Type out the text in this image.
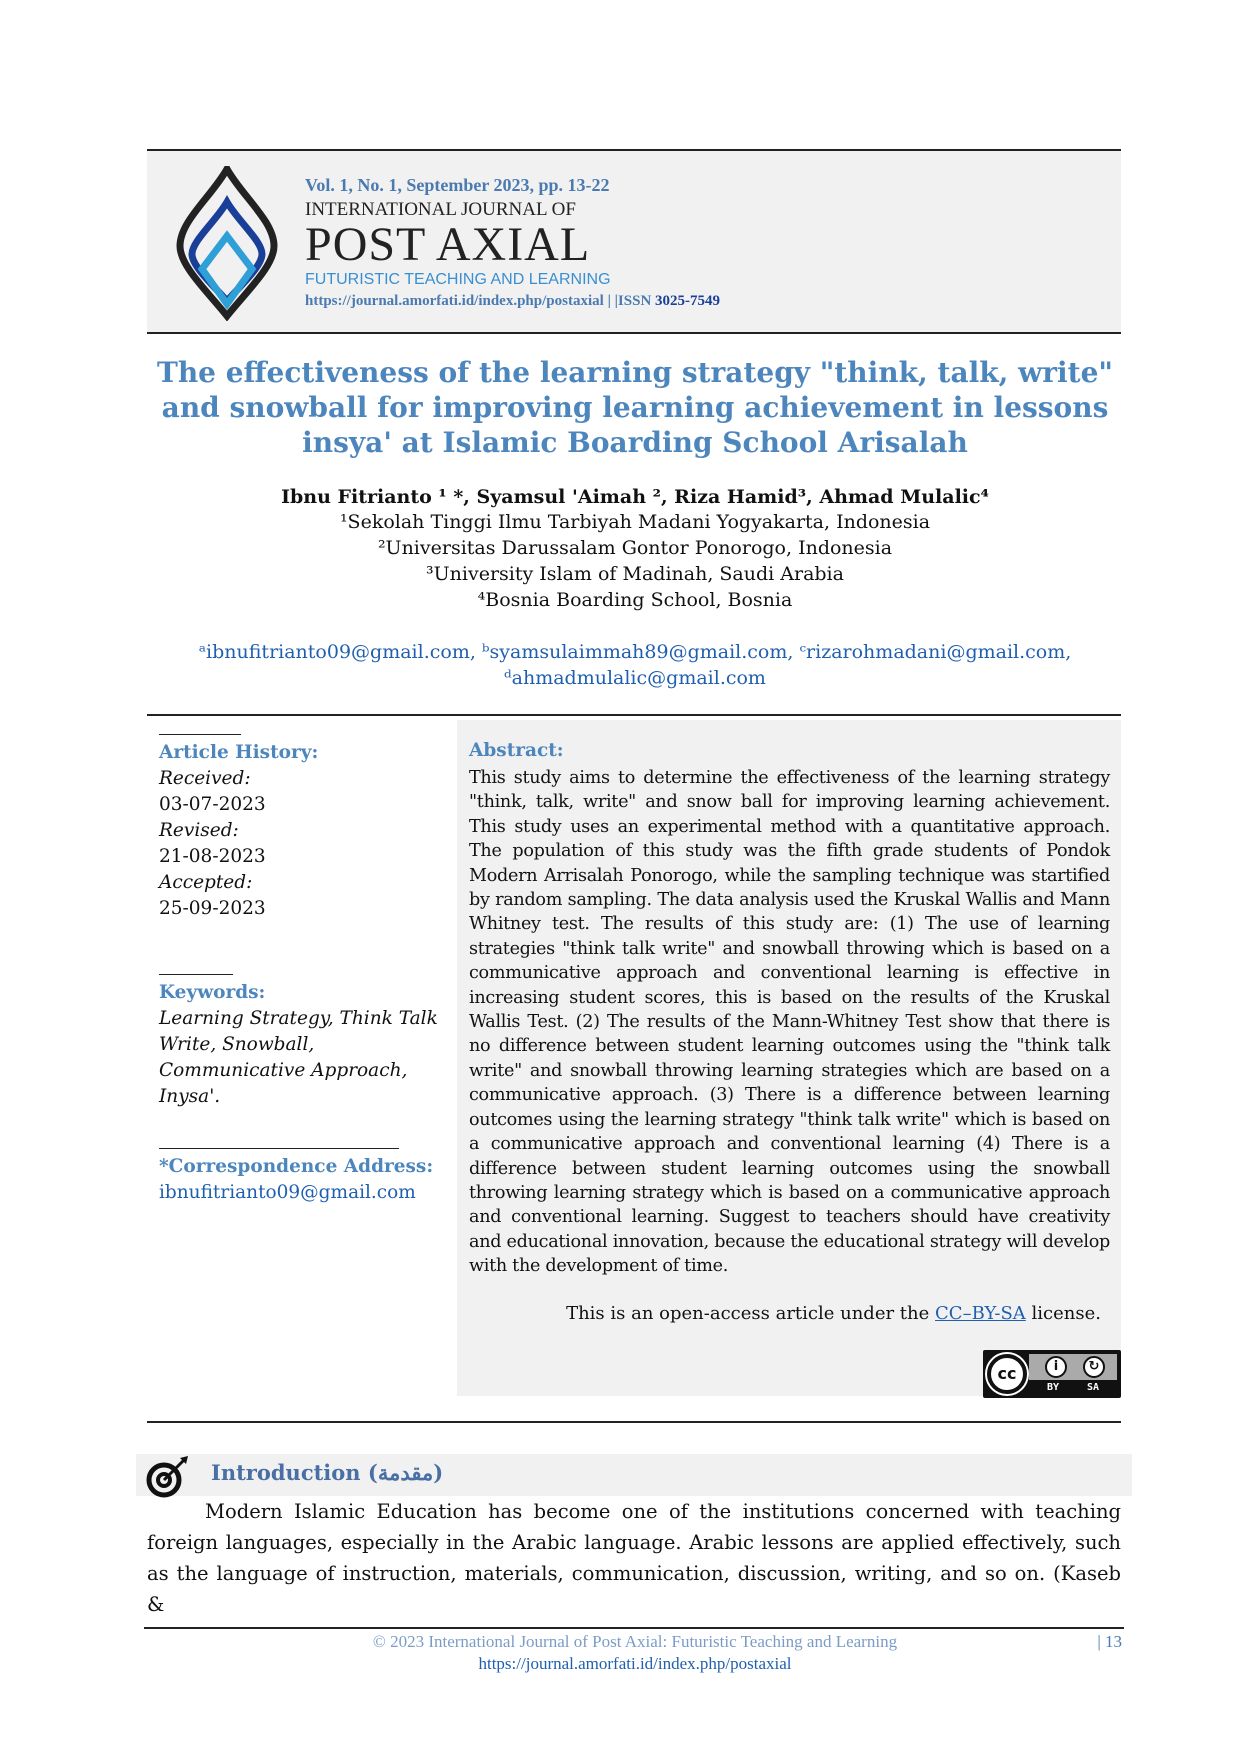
Vol. 1, No. 1, September 2023, pp. 13-22
INTERNATIONAL JOURNAL OF
POST AXIAL
FUTURISTIC TEACHING AND LEARNING
https://journal.amorfati.id/index.php/postaxial | |ISSN 3025-7549
The effectiveness of the learning strategy "think, talk, write" and snowball for improving learning achievement in lessons insya' at Islamic Boarding School Arisalah
Ibnu Fitrianto ¹ *, Syamsul 'Aimah ², Riza Hamid³, Ahmad Mulalic⁴
¹Sekolah Tinggi Ilmu Tarbiyah Madani Yogyakarta, Indonesia
²Universitas Darussalam Gontor Ponorogo, Indonesia
³University Islam of Madinah, Saudi Arabia
⁴Bosnia Boarding School, Bosnia
ᵃibnufitrianto09@gmail.com, ᵇsyamsulaimmah89@gmail.com, ᶜrizarohmadani@gmail.com,
ᵈahmadmulalic@gmail.com
Article History:
Received:
03-07-2023
Revised:
21-08-2023
Accepted:
25-09-2023
Keywords:
Learning Strategy, Think Talk Write, Snowball, Communicative Approach, Inysa'.
*Correspondence Address:
ibnufitrianto09@gmail.com
Abstract:
This study aims to determine the effectiveness of the learning strategy "think, talk, write" and snow ball for improving learning achievement. This study uses an experimental method with a quantitative approach. The population of this study was the fifth grade students of Pondok Modern Arrisalah Ponorogo, while the sampling technique was startified by random sampling. The data analysis used the Kruskal Wallis and Mann Whitney test. The results of this study are: (1) The use of learning strategies "think talk write" and snowball throwing which is based on a communicative approach and conventional learning is effective in increasing student scores, this is based on the results of the Kruskal Wallis Test. (2) The results of the Mann-Whitney Test show that there is no difference between student learning outcomes using the "think talk write" and snowball throwing learning strategies which are based on a communicative approach. (3) There is a difference between learning outcomes using the learning strategy "think talk write" which is based on a communicative approach and conventional learning (4) There is a difference between student learning outcomes using the snowball throwing learning strategy which is based on a communicative approach and conventional learning. Suggest to teachers should have creativity and educational innovation, because the educational strategy will develop with the development of time.
This is an open-access article under the CC–BY-SA license.
cc	i	↻
BY	SA
Introduction (مقدمة)
Modern Islamic Education has become one of the institutions concerned with teaching foreign languages, especially in the Arabic language. Arabic lessons are applied effectively, such as the language of instruction, materials, communication, discussion, writing, and so on. (Kaseb &
© 2023 International Journal of Post Axial: Futuristic Teaching and Learning
https://journal.amorfati.id/index.php/postaxial
| 13
